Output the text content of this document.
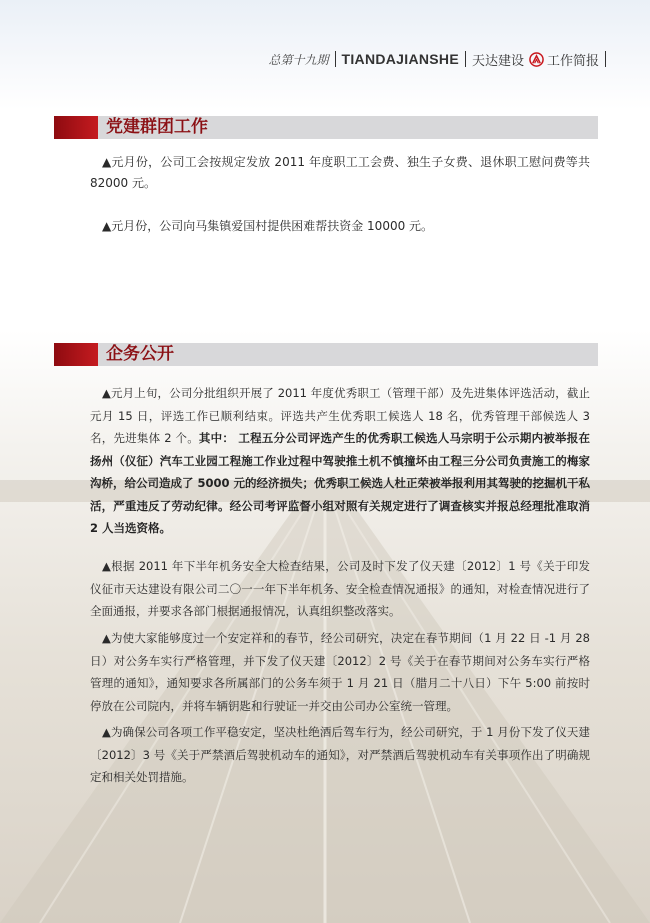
总第十九期 TIANDAJIANSHE 天达建设 工作简报
党建群团工作

▲元月份，公司工会按规定发放 2011 年度职工工会费、独生子女费、退休职工慰问费等共 82000 元。

▲元月份，公司向马集镇爱国村提供困难帮扶资金 10000 元。

企务公开

▲元月上旬，公司分批组织开展了 2011 年度优秀职工（管理干部）及先进集体评选活动，截止元月 15 日，评选工作已顺利结束。评选共产生优秀职工候选人 18 名，优秀管理干部候选人 3 名，先进集体 2 个。其中： 工程五分公司评选产生的优秀职工候选人马宗明于公示期内被举报在扬州（仪征）汽车工业园工程施工作业过程中驾驶推土机不慎撞坏由工程三分公司负责施工的梅家沟桥，给公司造成了 5000 元的经济损失；优秀职工候选人杜正荣被举报利用其驾驶的挖掘机干私活，严重违反了劳动纪律。经公司考评监督小组对照有关规定进行了调查核实并报总经理批准取消 2 人当选资格。

▲根据 2011 年下半年机务安全大检查结果，公司及时下发了仪天建〔2012〕1 号《关于印发仪征市天达建设有限公司二〇一一年下半年机务、安全检查情况通报》的通知，对检查情况进行了全面通报，并要求各部门根据通报情况，认真组织整改落实。

▲为使大家能够度过一个安定祥和的春节，经公司研究，决定在春节期间（1 月 22 日 -1 月 28 日）对公务车实行严格管理，并下发了仪天建〔2012〕2 号《关于在春节期间对公务车实行严格管理的通知》，通知要求各所属部门的公务车须于 1 月 21 日（腊月二十八日）下午 5:00 前按时停放在公司院内，并将车辆钥匙和行驶证一并交由公司办公室统一管理。

▲为确保公司各项工作平稳安定，坚决杜绝酒后驾车行为，经公司研究，于 1 月份下发了仪天建〔2012〕3 号《关于严禁酒后驾驶机动车的通知》，对严禁酒后驾驶机动车有关事项作出了明确规定和相关处罚措施。
